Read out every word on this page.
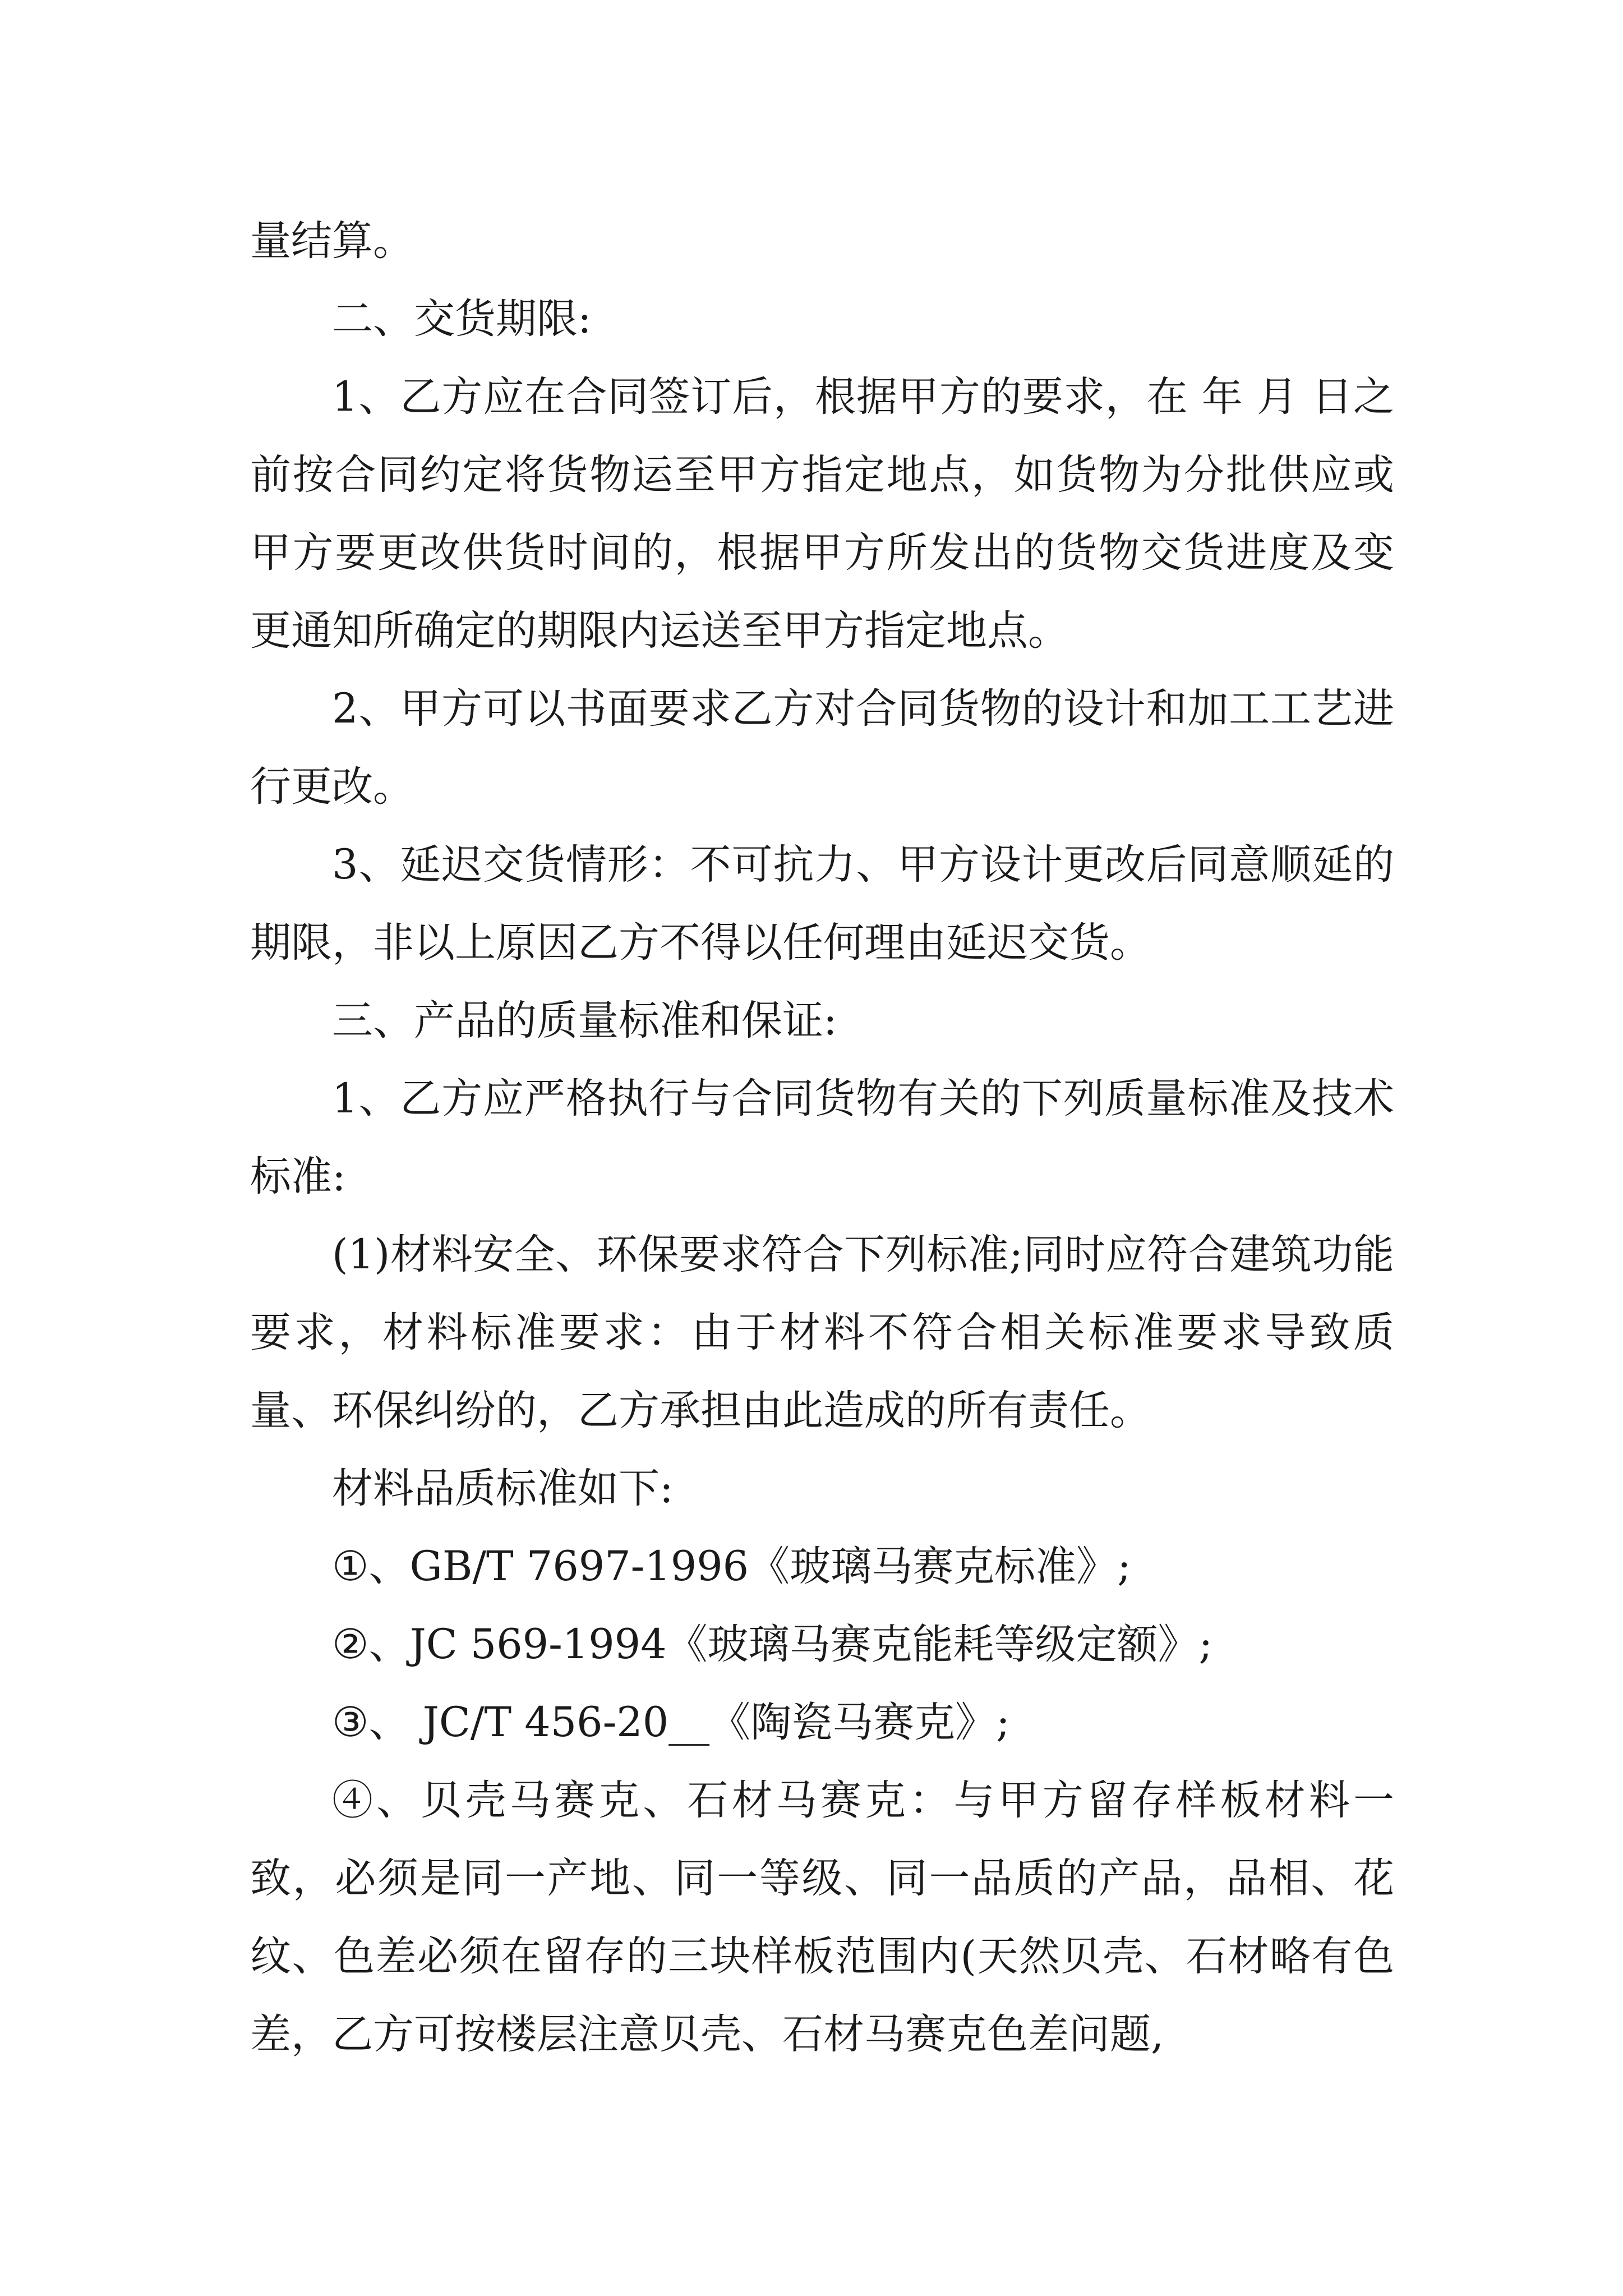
量结算。

二、交货期限:

1、乙方应在合同签订后，根据甲方的要求，在 年 月 日之前按合同约定将货物运至甲方指定地点，如货物为分批供应或甲方要更改供货时间的，根据甲方所发出的货物交货进度及变更通知所确定的期限内运送至甲方指定地点。

2、甲方可以书面要求乙方对合同货物的设计和加工工艺进行更改。

3、延迟交货情形：不可抗力、甲方设计更改后同意顺延的期限，非以上原因乙方不得以任何理由延迟交货。

三、产品的质量标准和保证:

1、乙方应严格执行与合同货物有关的下列质量标准及技术标准:

(1)材料安全、环保要求符合下列标准;同时应符合建筑功能要求，材料标准要求：由于材料不符合相关标准要求导致质量、环保纠纷的，乙方承担由此造成的所有责任。

材料品质标准如下:

①、GB/T 7697-1996《玻璃马赛克标准》;

②、JC 569-1994《玻璃马赛克能耗等级定额》;

③、 JC/T 456-20__《陶瓷马赛克》;

④、贝壳马赛克、石材马赛克：与甲方留存样板材料一致，必须是同一产地、同一等级、同一品质的产品，品相、花纹、色差必须在留存的三块样板范围内(天然贝壳、石材略有色差，乙方可按楼层注意贝壳、石材马赛克色差问题,
